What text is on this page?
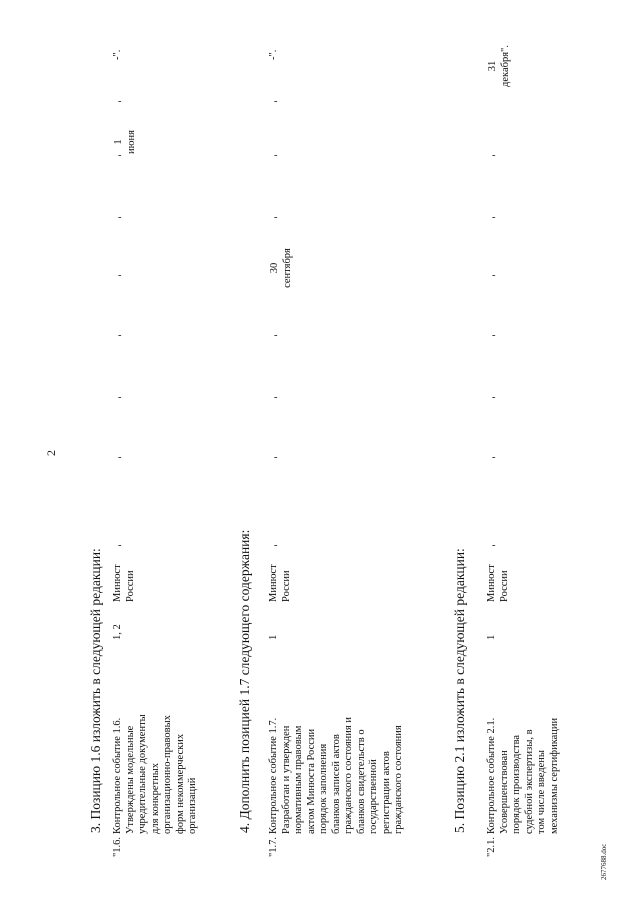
2
3. Позицию 1.6 изложить в следующей редакции:
"1.6.
Контрольное событие 1.6. Утверждены модельные учредительные документы для конкретных организационно-правовых форм некоммерческих организаций
1, 2
Минюст России
-
-
-
-
-
-
-
1 июня
-
-".
4. Дополнить позицией 1.7 следующего содержания:
"1.7.
Контрольное событие 1.7. Разработан и утвержден нормативным правовым актом Минюста России порядок заполнения бланков записей актов гражданского состояния и бланков свидетельств о государственной регистрации актов гражданского состояния
1
Минюст России
-
-
-
-
30 сентября
-
-
-
-".
5. Позицию 2.1 изложить в следующей редакции:
"2.1.
Контрольное событие 2.1. Усовершенствован порядок производства судебной экспертизы, в том числе введены механизмы сертификации
1
Минюст России
-
-
-
-
-
-
-
31 декабря".
2677688.doc
